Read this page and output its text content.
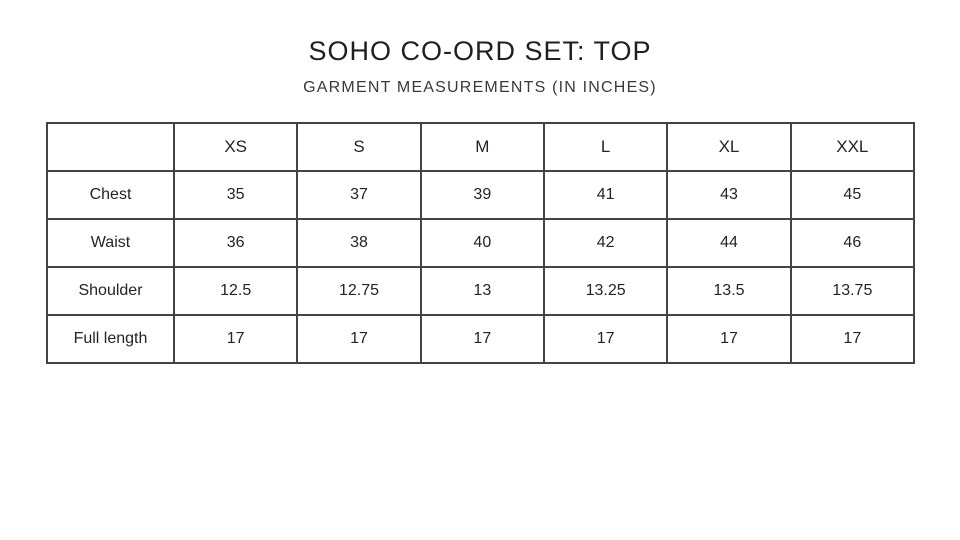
SOHO CO-ORD SET: TOP
GARMENT MEASUREMENTS (IN INCHES)
	XS	S	M	L	XL	XXL
Chest	35	37	39	41	43	45
Waist	36	38	40	42	44	46
Shoulder	12.5	12.75	13	13.25	13.5	13.75
Full length	17	17	17	17	17	17
